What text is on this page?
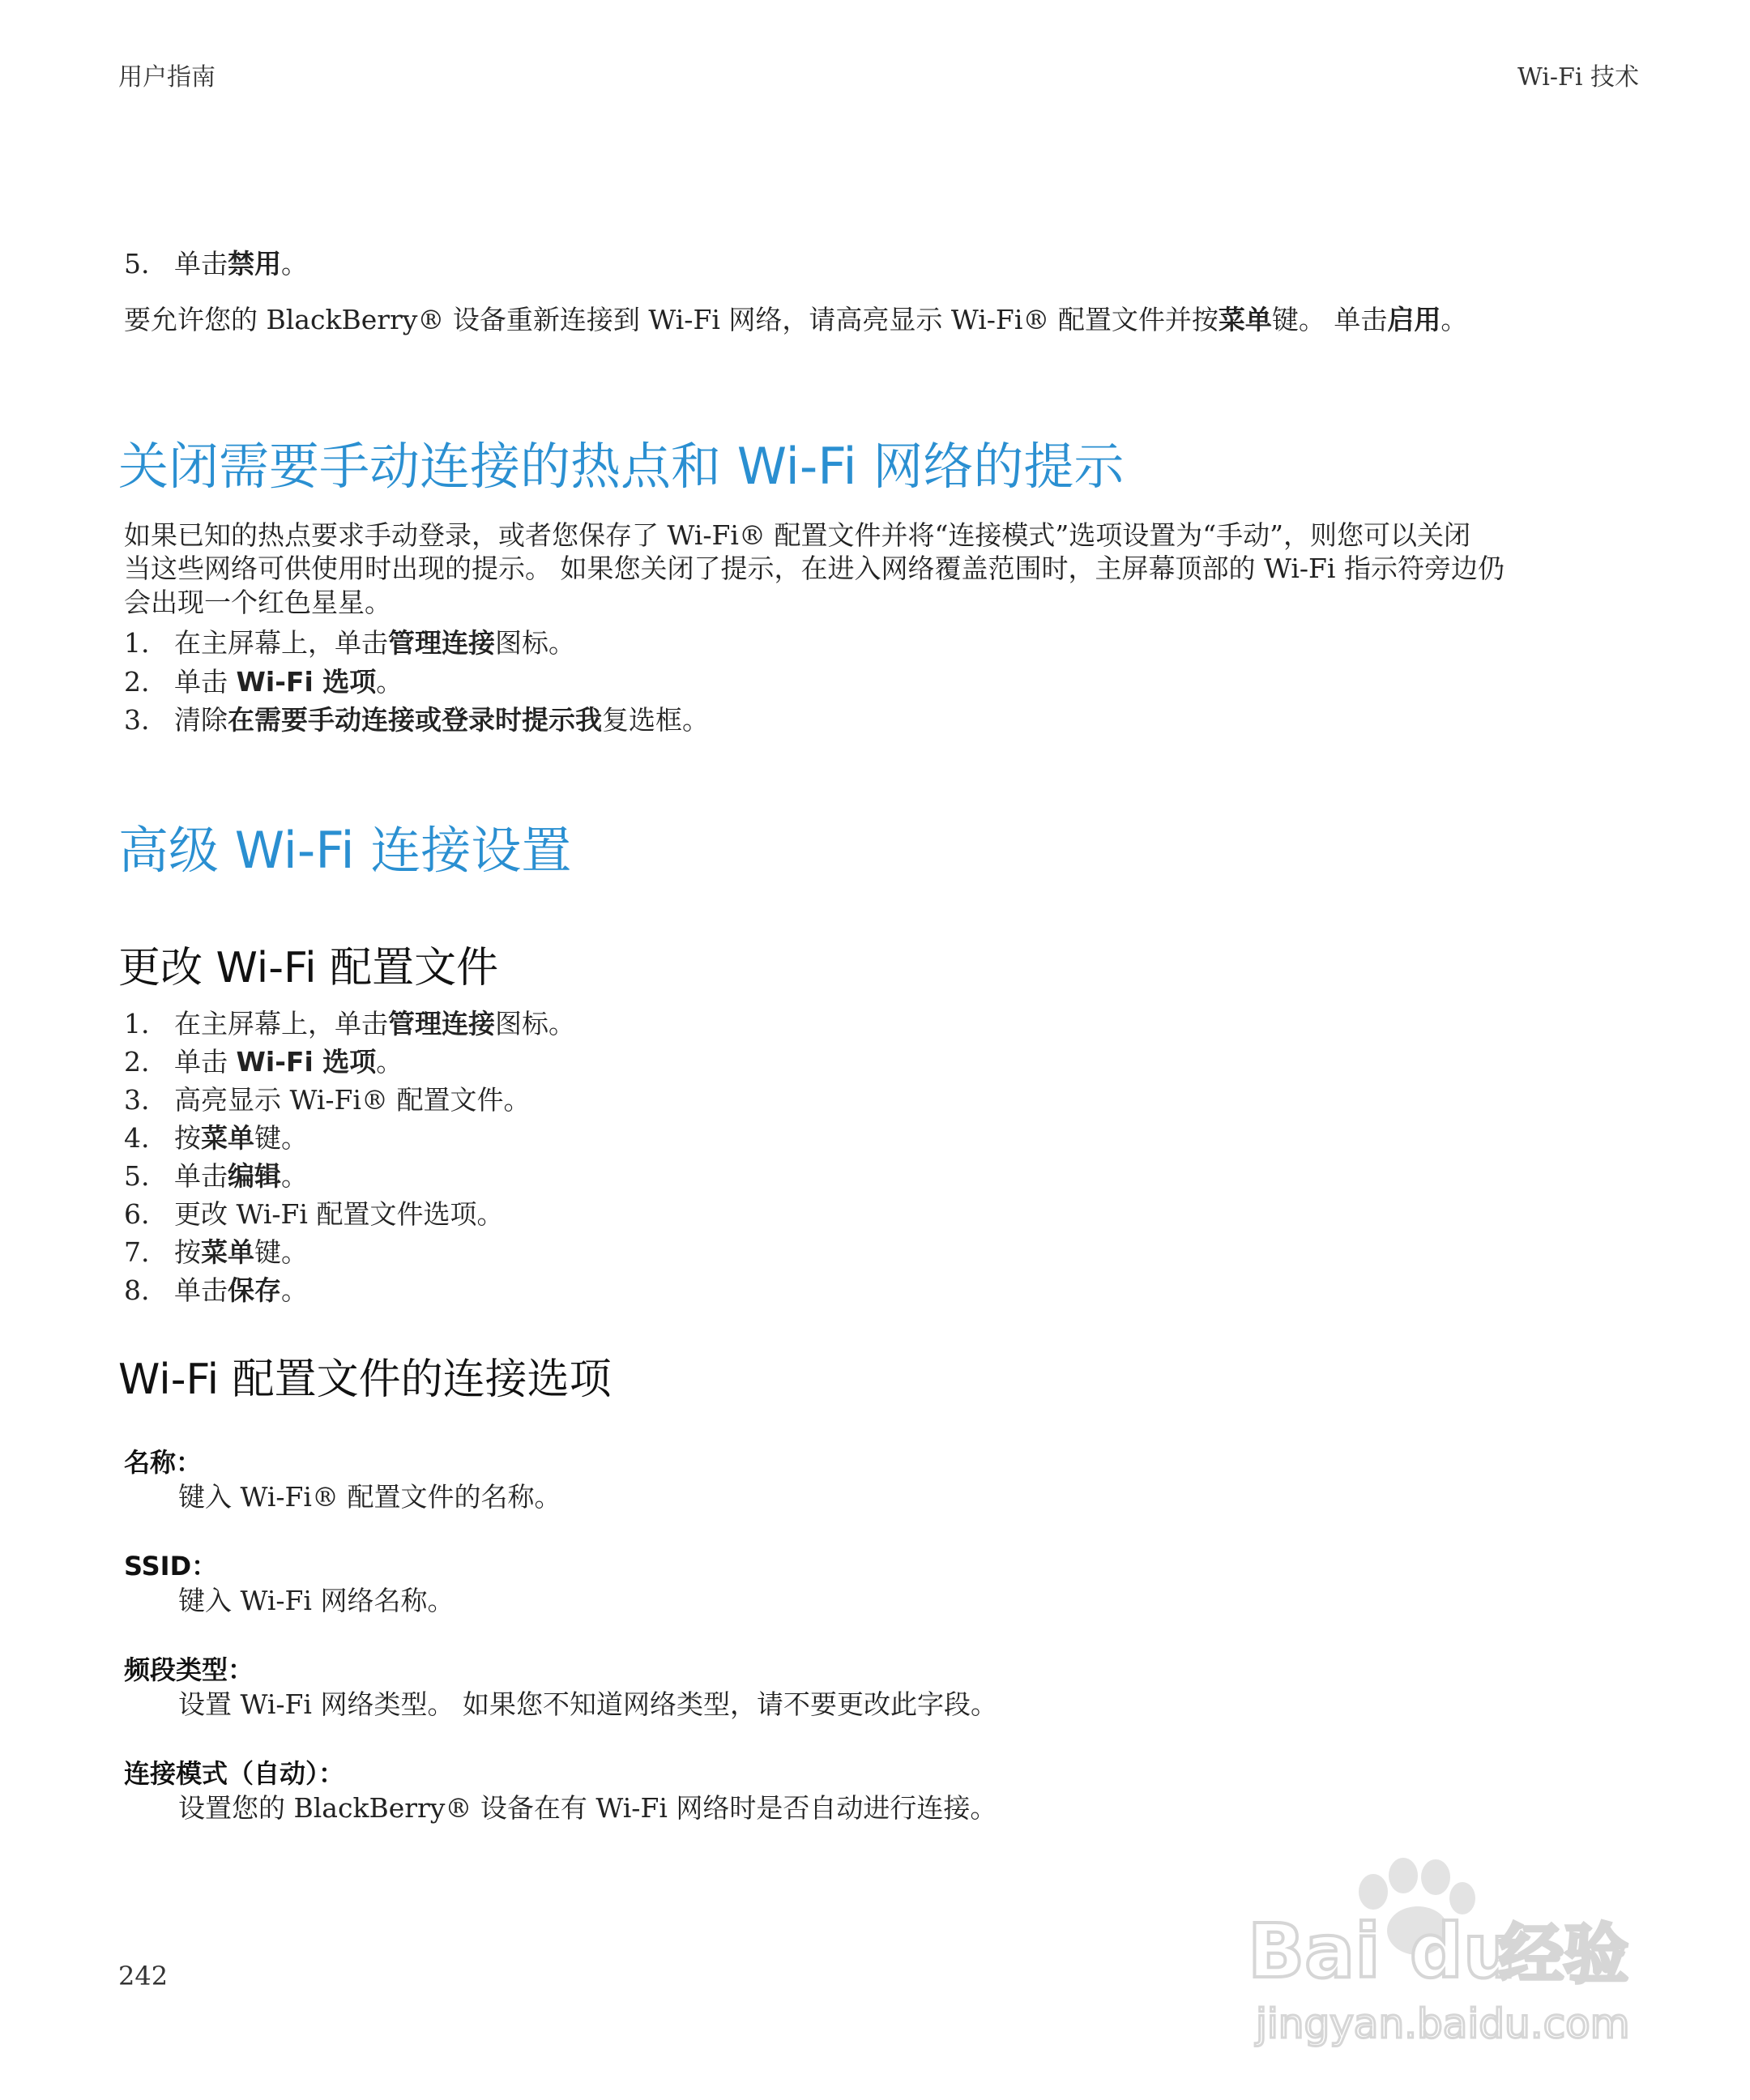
用户指南	Wi-Fi 技术
5. 单击禁用。
要允许您的 BlackBerry® 设备重新连接到 Wi-Fi 网络，请高亮显示 Wi-Fi® 配置文件并按菜单键。 单击启用。
关闭需要手动连接的热点和 Wi-Fi 网络的提示
如果已知的热点要求手动登录，或者您保存了 Wi-Fi® 配置文件并将“连接模式”选项设置为“手动”，则您可以关闭
当这些网络可供使用时出现的提示。 如果您关闭了提示，在进入网络覆盖范围时，主屏幕顶部的 Wi-Fi 指示符旁边仍
会出现一个红色星星。
1. 在主屏幕上，单击管理连接图标。
2. 单击 Wi-Fi 选项。
3. 清除在需要手动连接或登录时提示我复选框。
高级 Wi-Fi 连接设置
更改 Wi-Fi 配置文件
1. 在主屏幕上，单击管理连接图标。
2. 单击 Wi-Fi 选项。
3. 高亮显示 Wi-Fi® 配置文件。
4. 按菜单键。
5. 单击编辑。
6. 更改 Wi-Fi 配置文件选项。
7. 按菜单键。
8. 单击保存。
Wi-Fi 配置文件的连接选项
名称：
键入 Wi-Fi® 配置文件的名称。
SSID：
键入 Wi-Fi 网络名称。
频段类型：
设置 Wi-Fi 网络类型。 如果您不知道网络类型，请不要更改此字段。
连接模式（自动）：
设置您的 BlackBerry® 设备在有 Wi-Fi 网络时是否自动进行连接。
242	Bai du
经验
jingyan.baidu.com
